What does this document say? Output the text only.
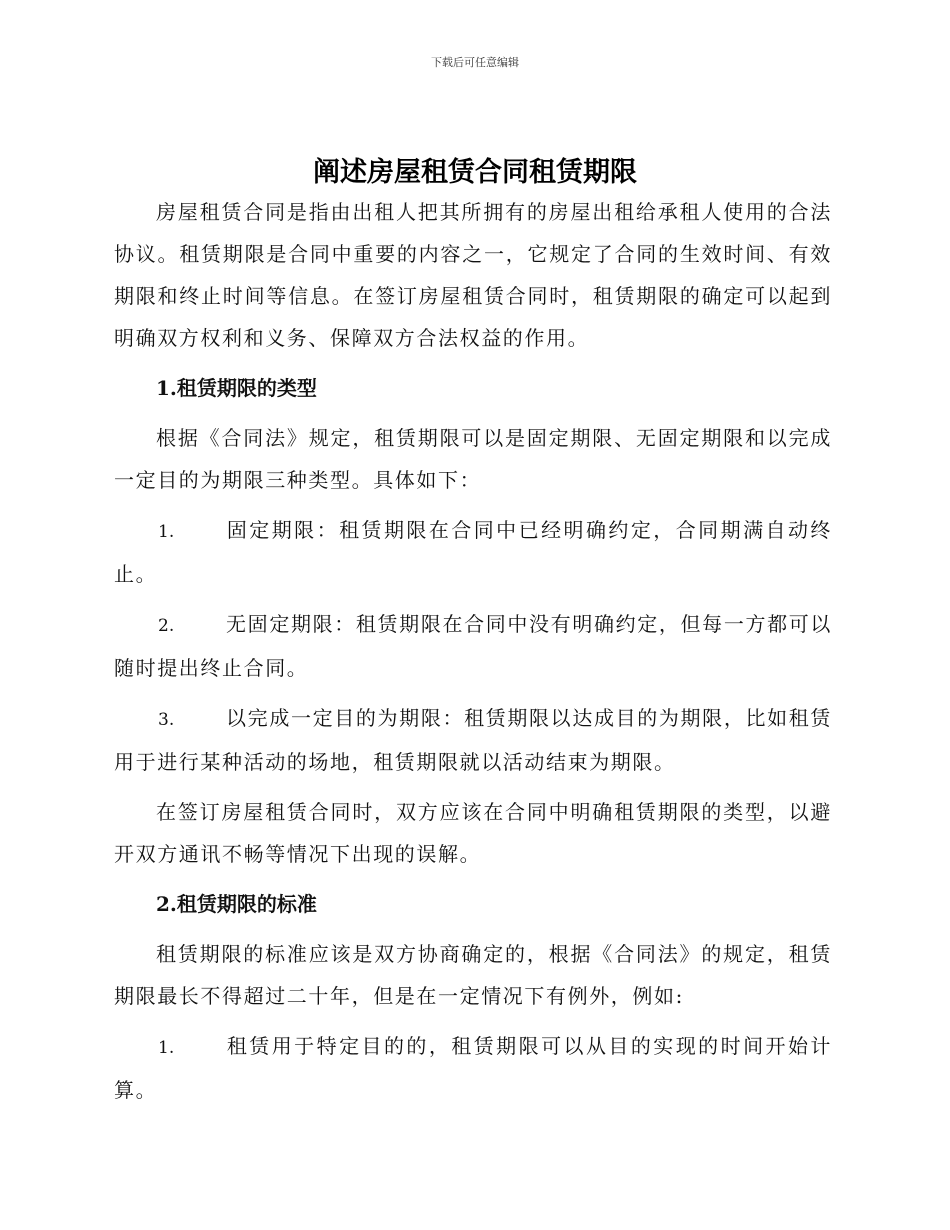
下载后可任意编辑
阐述房屋租赁合同租赁期限

房屋租赁合同是指由出租人把其所拥有的房屋出租给承租人使用的合法协议。租赁期限是合同中重要的内容之一，它规定了合同的生效时间、有效期限和终止时间等信息。在签订房屋租赁合同时，租赁期限的确定可以起到明确双方权利和义务、保障双方合法权益的作用。

1.租赁期限的类型

根据《合同法》规定，租赁期限可以是固定期限、无固定期限和以完成一定目的为期限三种类型。具体如下：

1.	固定期限：租赁期限在合同中已经明确约定，合同期满自动终止。

2.	无固定期限：租赁期限在合同中没有明确约定，但每一方都可以随时提出终止合同。

3.	以完成一定目的为期限：租赁期限以达成目的为期限，比如租赁用于进行某种活动的场地，租赁期限就以活动结束为期限。

在签订房屋租赁合同时，双方应该在合同中明确租赁期限的类型，以避开双方通讯不畅等情况下出现的误解。

2.租赁期限的标准

租赁期限的标准应该是双方协商确定的，根据《合同法》的规定，租赁期限最长不得超过二十年，但是在一定情况下有例外，例如:

1.	租赁用于特定目的的，租赁期限可以从目的实现的时间开始计算。
